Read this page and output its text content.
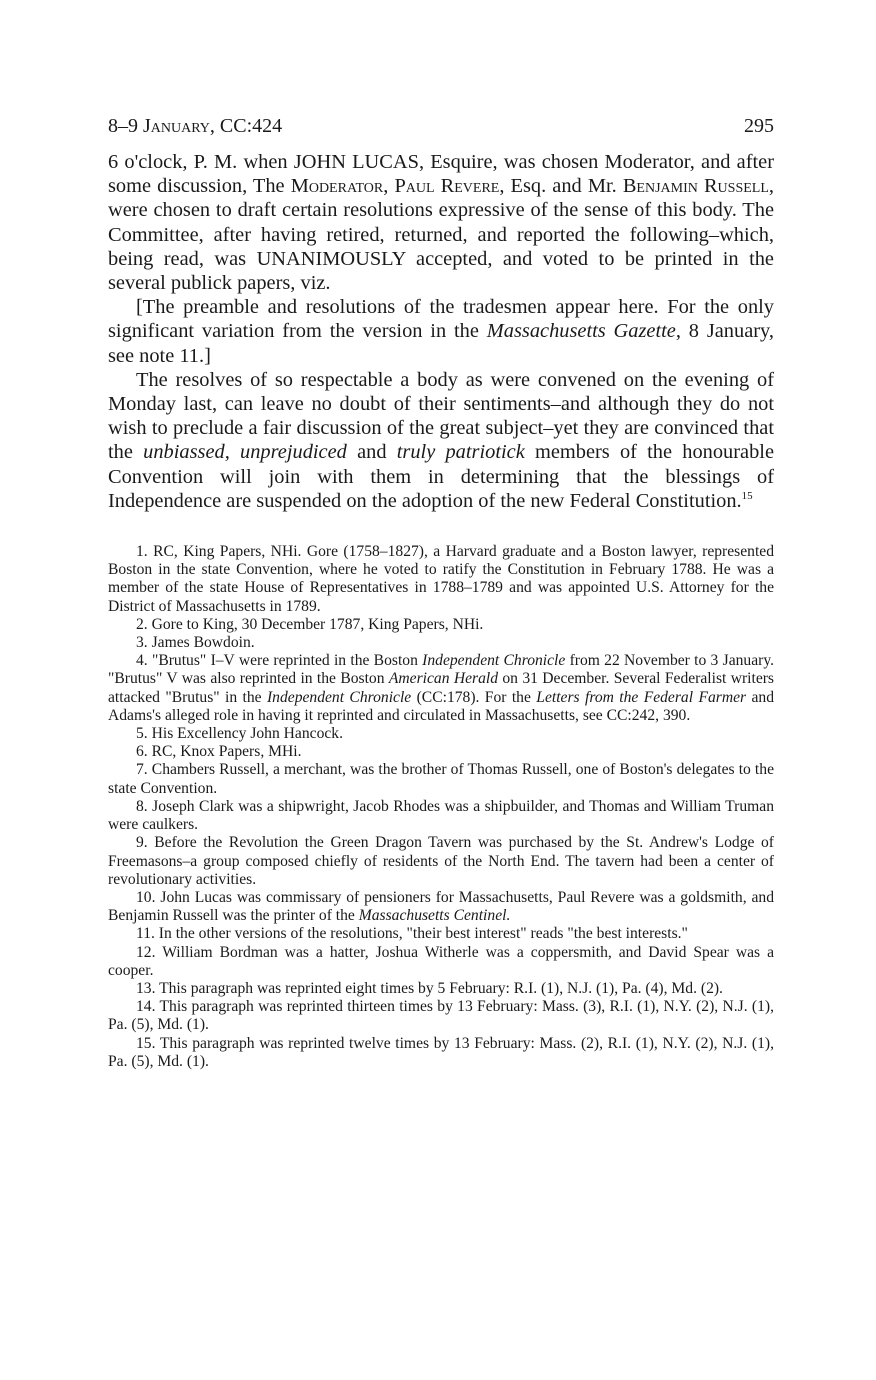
8–9 January, CC:424	295

6 o'clock, P. M. when JOHN LUCAS, Esquire, was chosen Moderator, and after some discussion, The Moderator, Paul Revere, Esq. and Mr. Benjamin Russell, were chosen to draft certain resolutions expressive of the sense of this body. The Committee, after having retired, returned, and reported the following–which, being read, was UNANIMOUSLY accepted, and voted to be printed in the several publick papers, viz.

[The preamble and resolutions of the tradesmen appear here. For the only significant variation from the version in the Massachusetts Gazette, 8 January, see note 11.]

The resolves of so respectable a body as were convened on the evening of Monday last, can leave no doubt of their sentiments–and although they do not wish to preclude a fair discussion of the great subject–yet they are convinced that the unbiassed, unprejudiced and truly patriotick members of the honourable Convention will join with them in determining that the blessings of Independence are suspended on the adoption of the new Federal Constitution.$^{15}$

1. RC, King Papers, NHi. Gore (1758–1827), a Harvard graduate and a Boston lawyer, represented Boston in the state Convention, where he voted to ratify the Constitution in February 1788. He was a member of the state House of Representatives in 1788–1789 and was appointed U.S. Attorney for the District of Massachusetts in 1789.

2. Gore to King, 30 December 1787, King Papers, NHi.

3. James Bowdoin.

4. "Brutus" I–V were reprinted in the Boston Independent Chronicle from 22 November to 3 January. "Brutus" V was also reprinted in the Boston American Herald on 31 December. Several Federalist writers attacked "Brutus" in the Independent Chronicle (CC:178). For the Letters from the Federal Farmer and Adams's alleged role in having it reprinted and circulated in Massachusetts, see CC:242, 390.

5. His Excellency John Hancock.

6. RC, Knox Papers, MHi.

7. Chambers Russell, a merchant, was the brother of Thomas Russell, one of Boston's delegates to the state Convention.

8. Joseph Clark was a shipwright, Jacob Rhodes was a shipbuilder, and Thomas and William Truman were caulkers.

9. Before the Revolution the Green Dragon Tavern was purchased by the St. Andrew's Lodge of Freemasons–a group composed chiefly of residents of the North End. The tavern had been a center of revolutionary activities.

10. John Lucas was commissary of pensioners for Massachusetts, Paul Revere was a goldsmith, and Benjamin Russell was the printer of the Massachusetts Centinel.

11. In the other versions of the resolutions, "their best interest" reads "the best interests."

12. William Bordman was a hatter, Joshua Witherle was a coppersmith, and David Spear was a cooper.

13. This paragraph was reprinted eight times by 5 February: R.I. (1), N.J. (1), Pa. (4), Md. (2).

14. This paragraph was reprinted thirteen times by 13 February: Mass. (3), R.I. (1), N.Y. (2), N.J. (1), Pa. (5), Md. (1).

15. This paragraph was reprinted twelve times by 13 February: Mass. (2), R.I. (1), N.Y. (2), N.J. (1), Pa. (5), Md. (1).
